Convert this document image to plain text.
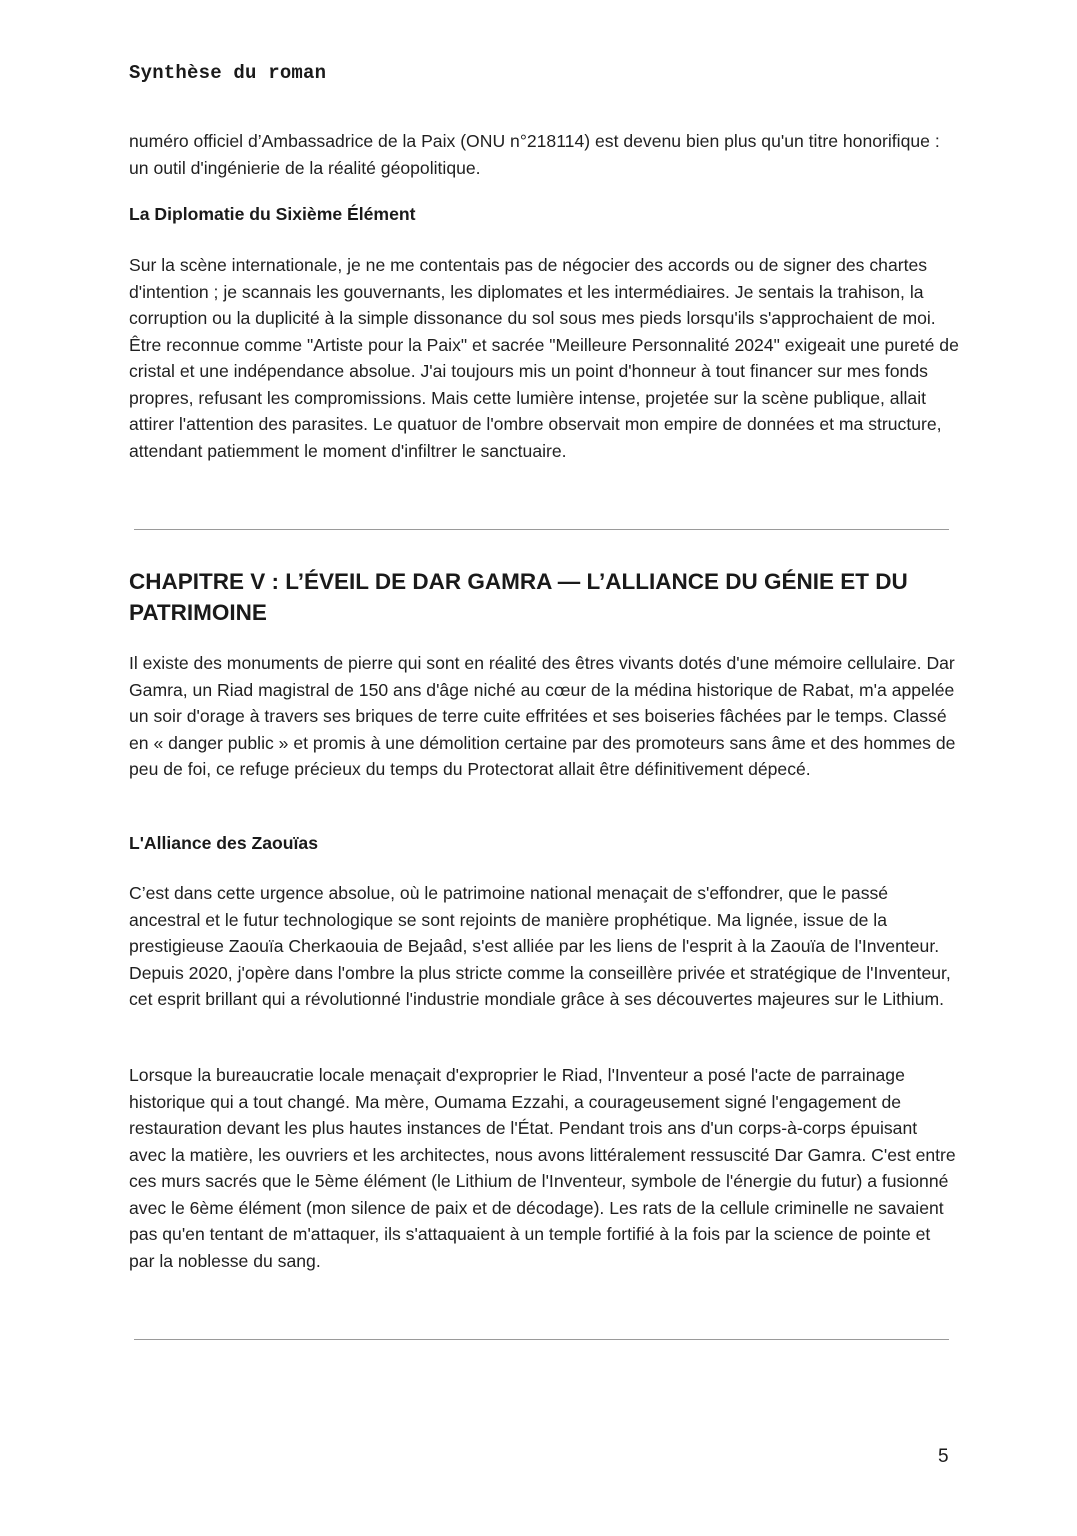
Synthèse du roman

numéro officiel d’Ambassadrice de la Paix (ONU n°218114) est devenu bien plus qu'un titre honorifique : un outil d'ingénierie de la réalité géopolitique.

La Diplomatie du Sixième Élément

Sur la scène internationale, je ne me contentais pas de négocier des accords ou de signer des chartes d'intention ; je scannais les gouvernants, les diplomates et les intermédiaires. Je sentais la trahison, la corruption ou la duplicité à la simple dissonance du sol sous mes pieds lorsqu'ils s'approchaient de moi. Être reconnue comme "Artiste pour la Paix" et sacrée "Meilleure Personnalité 2024" exigeait une pureté de cristal et une indépendance absolue. J'ai toujours mis un point d'honneur à tout financer sur mes fonds propres, refusant les compromissions. Mais cette lumière intense, projetée sur la scène publique, allait attirer l'attention des parasites. Le quatuor de l'ombre observait mon empire de données et ma structure, attendant patiemment le moment d'infiltrer le sanctuaire.

CHAPITRE V : L’ÉVEIL DE DAR GAMRA — L’ALLIANCE DU GÉNIE ET DU PATRIMOINE

Il existe des monuments de pierre qui sont en réalité des êtres vivants dotés d'une mémoire cellulaire. Dar Gamra, un Riad magistral de 150 ans d'âge niché au cœur de la médina historique de Rabat, m'a appelée un soir d'orage à travers ses briques de terre cuite effritées et ses boiseries fâchées par le temps. Classé en « danger public » et promis à une démolition certaine par des promoteurs sans âme et des hommes de peu de foi, ce refuge précieux du temps du Protectorat allait être définitivement dépecé.

L'Alliance des Zaouïas

C’est dans cette urgence absolue, où le patrimoine national menaçait de s'effondrer, que le passé ancestral et le futur technologique se sont rejoints de manière prophétique. Ma lignée, issue de la prestigieuse Zaouïa Cherkaouia de Bejaâd, s'est alliée par les liens de l'esprit à la Zaouïa de l'Inventeur. Depuis 2020, j'opère dans l'ombre la plus stricte comme la conseillère privée et stratégique de l'Inventeur, cet esprit brillant qui a révolutionné l'industrie mondiale grâce à ses découvertes majeures sur le Lithium.

Lorsque la bureaucratie locale menaçait d'exproprier le Riad, l'Inventeur a posé l'acte de parrainage historique qui a tout changé. Ma mère, Oumama Ezzahi, a courageusement signé l'engagement de restauration devant les plus hautes instances de l'État. Pendant trois ans d'un corps-à-corps épuisant avec la matière, les ouvriers et les architectes, nous avons littéralement ressuscité Dar Gamra. C'est entre ces murs sacrés que le 5ème élément (le Lithium de l'Inventeur, symbole de l'énergie du futur) a fusionné avec le 6ème élément (mon silence de paix et de décodage). Les rats de la cellule criminelle ne savaient pas qu'en tentant de m'attaquer, ils s'attaquaient à un temple fortifié à la fois par la science de pointe et par la noblesse du sang.

5
